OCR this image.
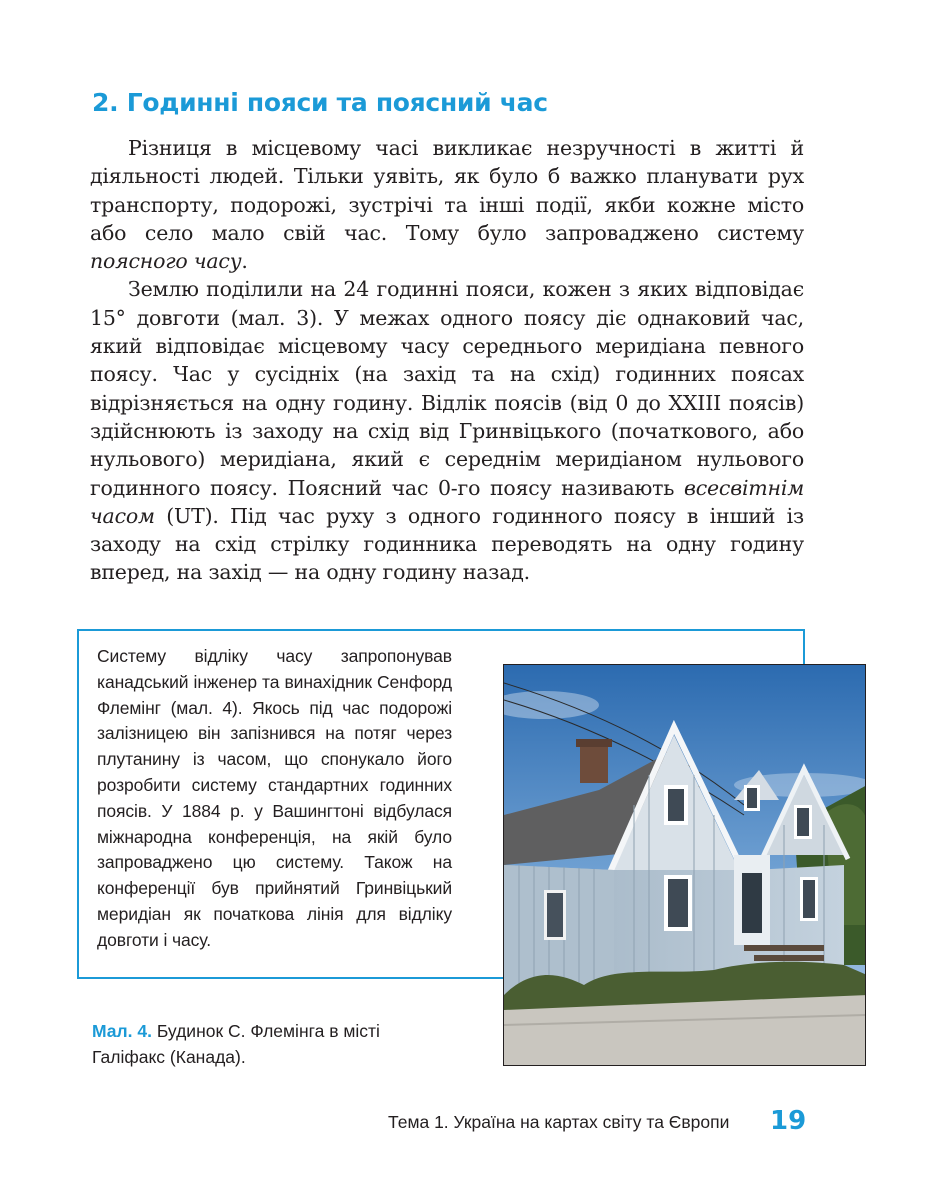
2. Годинні пояси та поясний час

Різниця в місцевому часі викликає незручності в житті й діяльності людей. Тільки уявіть, як було б важко планувати рух транспорту, подорожі, зустрічі та інші події, якби кожне місто або село мало свій час. Тому було запроваджено систему поясного часу.

Землю поділили на 24 годинні пояси, кожен з яких відповідає 15° довготи (мал. 3). У межах одного поясу діє однаковий час, який відповідає місцевому часу середнього меридіана певного поясу. Час у сусідніх (на захід та на схід) годинних поясах відрізняється на одну годину. Відлік поясів (від 0 до XXIII поясів) здійснюють із заходу на схід від Гринвіцького (початкового, або нульового) меридіана, який є середнім меридіаном нульового годинного поясу. Поясний час 0-го поясу називають всесвітнім часом (UT). Під час руху з одного годинного поясу в інший із заходу на схід стрілку годинника переводять на одну годину вперед, на захід — на одну годину назад.

Систему відліку часу запропонував канадський інженер та винахідник Сенфорд Флемінг (мал. 4). Якось під час подорожі залізницею він запізнився на потяг через плутанину із часом, що спонукало його розробити систему стандартних годинних поясів. У 1884 р. у Вашингтоні відбулася міжнародна конференція, на якій було запроваджено цю систему. Також на конференції був прийнятий Гринвіцький меридіан як початкова лінія для відліку довготи і часу.

Мал. 4. Будинок С. Флемінга в місті Галіфакс (Канада).
Тема 1. Україна на картах світу та Європи 19
